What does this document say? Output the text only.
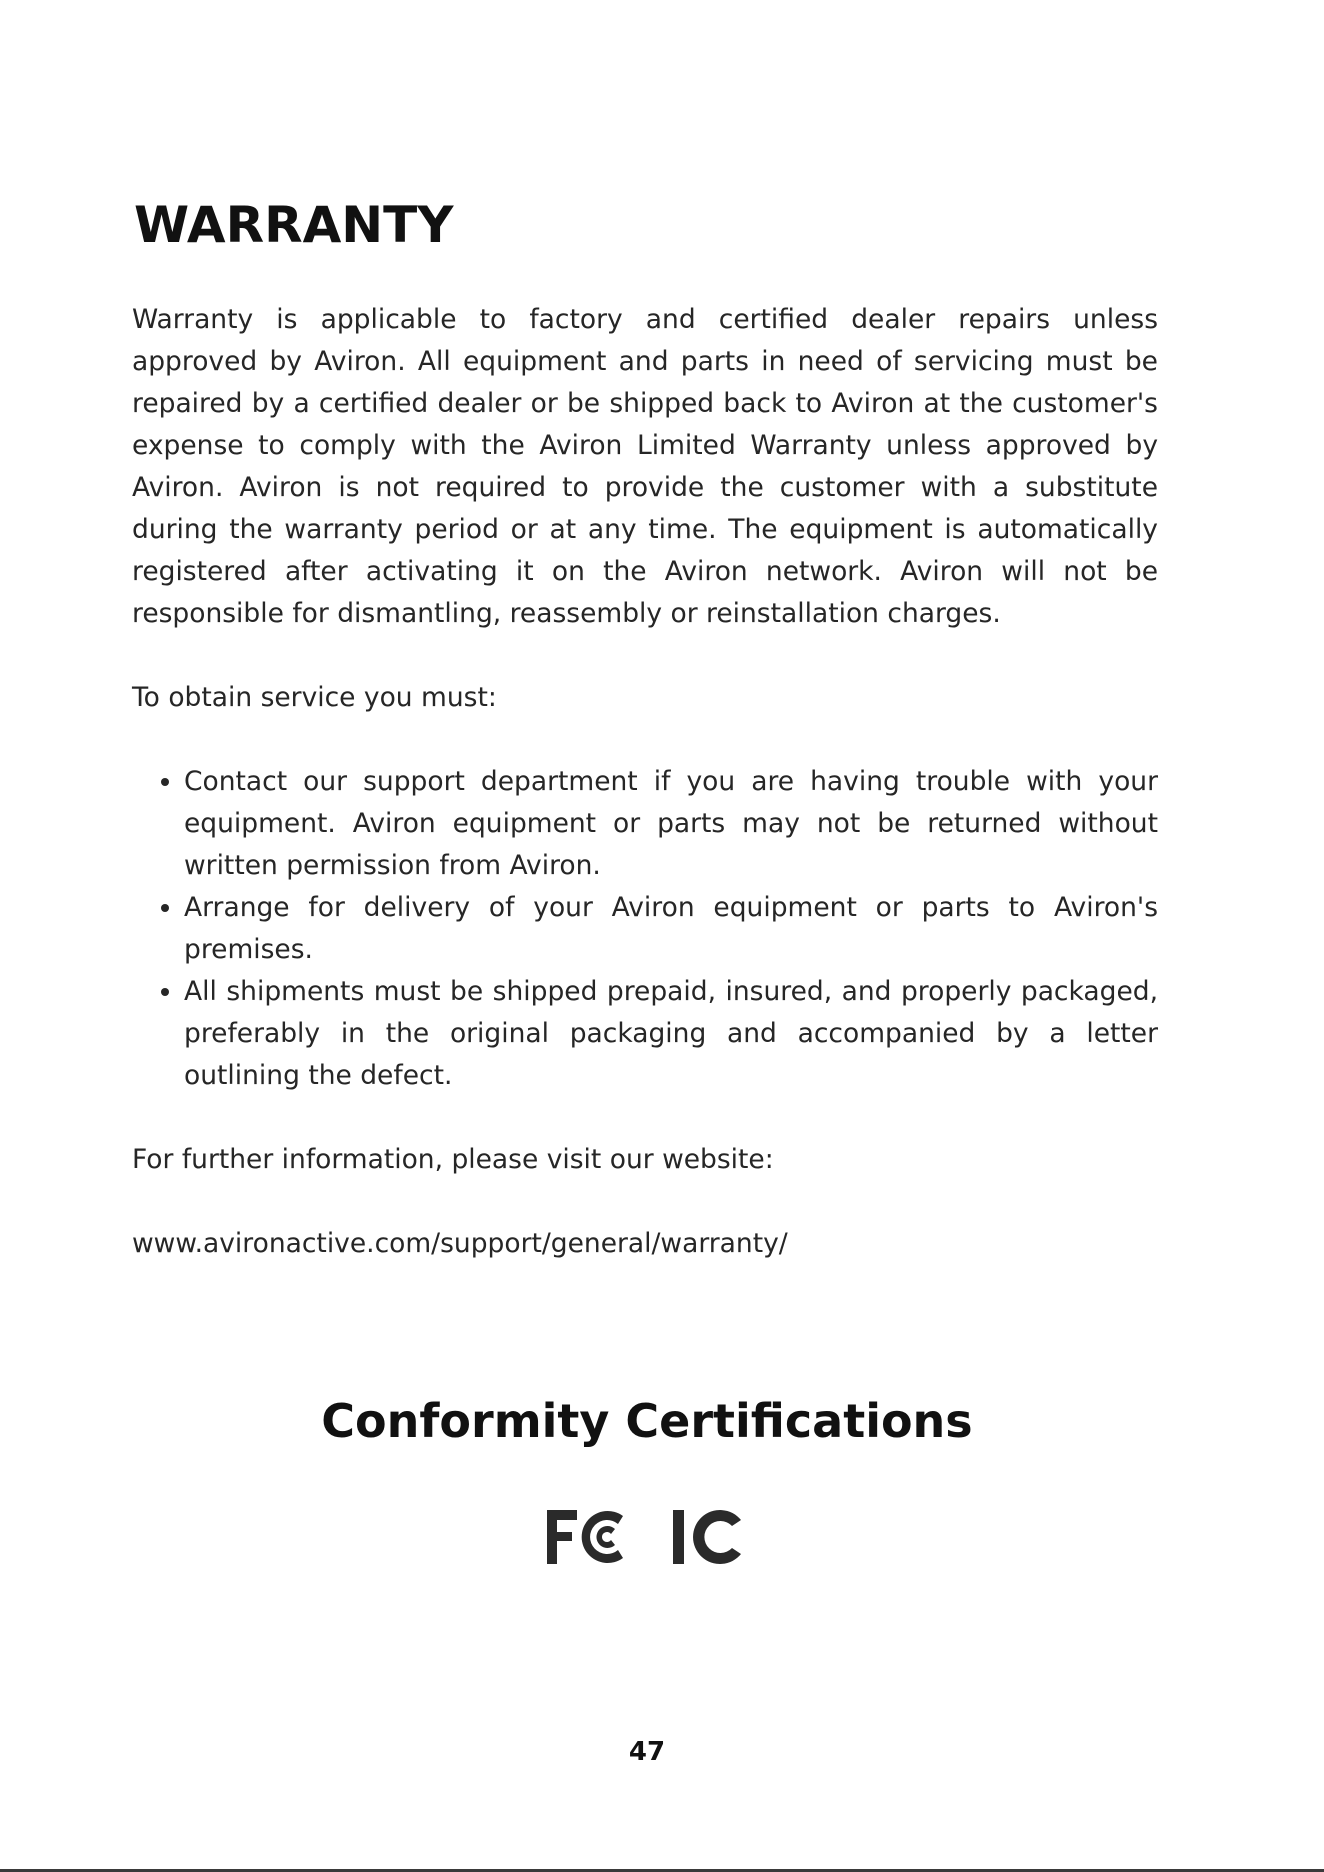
WARRANTY

Warranty is applicable to factory and certified dealer repairs unless approved by Aviron. All equipment and parts in need of servicing must be repaired by a certified dealer or be shipped back to Aviron at the customer's expense to comply with the Aviron Limited Warranty unless approved by Aviron. Aviron is not required to provide the customer with a substitute during the warranty period or at any time. The equipment is automatically registered after activating it on the Aviron network. Aviron will not be responsible for dismantling, reassembly or reinstallation charges.

To obtain service you must:

• Contact our support department if you are having trouble with your equipment. Aviron equipment or parts may not be returned without written permission from Aviron.
• Arrange for delivery of your Aviron equipment or parts to Aviron's premises.
• All shipments must be shipped prepaid, insured, and properly packaged, preferably in the original packaging and accompanied by a letter outlining the defect.

For further information, please visit our website:

www.avironactive.com/support/general/warranty/

Conformity Certifications
47
